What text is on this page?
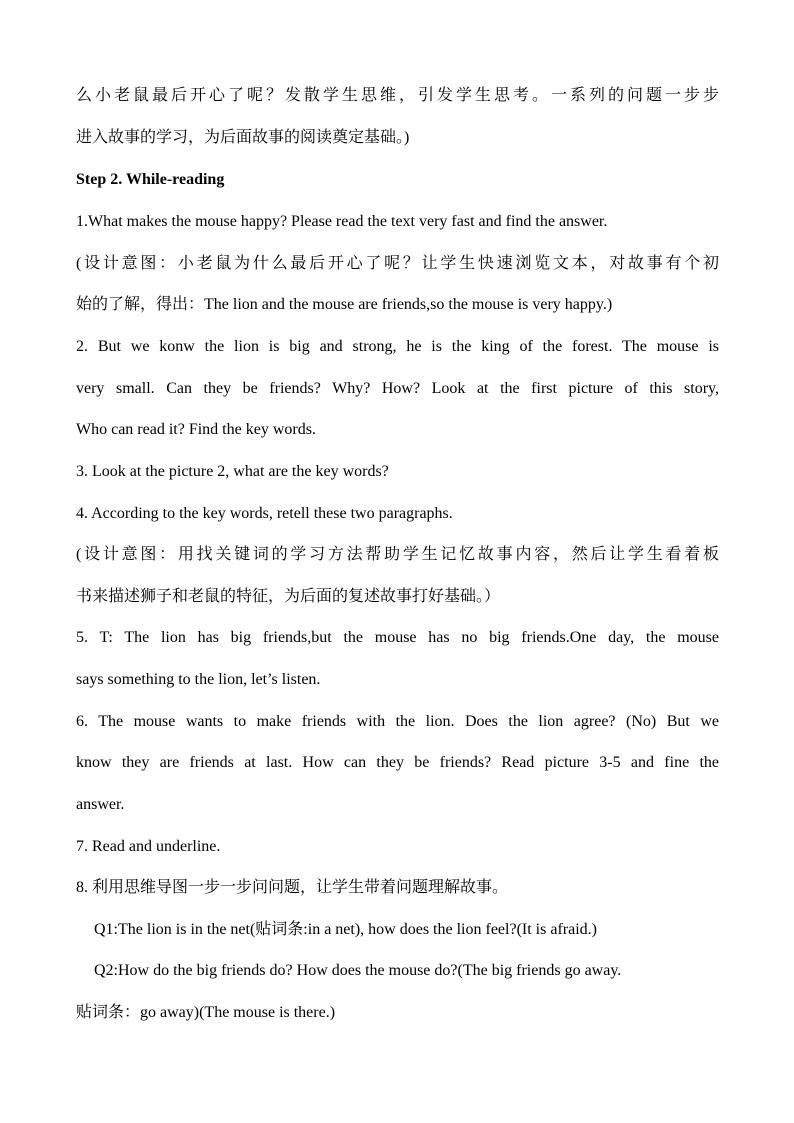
么小老鼠最后开心了呢？发散学生思维，引发学生思考。一系列的问题一步步
进入故事的学习，为后面故事的阅读奠定基础。)
Step 2. While-reading
1.What makes the mouse happy? Please read the text very fast and find the answer.
(设计意图：小老鼠为什么最后开心了呢？让学生快速浏览文本，对故事有个初
始的了解，得出：The lion and the mouse are friends,so the mouse is very happy.)
2. But we konw the lion is big and strong, he is the king of the forest. The mouse is
very small. Can they be friends? Why? How? Look at the first picture of this story,
Who can read it? Find the key words.
3. Look at the picture 2, what are the key words?
4. According to the key words, retell these two paragraphs.
(设计意图：用找关键词的学习方法帮助学生记忆故事内容，然后让学生看着板
书来描述狮子和老鼠的特征，为后面的复述故事打好基础。）
5. T: The lion has big friends,but the mouse has no big friends.One day, the mouse
says something to the lion, let’s listen.
6. The mouse wants to make friends with the lion. Does the lion agree? (No) But we
know they are friends at last. How can they be friends? Read picture 3-5 and fine the
answer.
7. Read and underline.
8. 利用思维导图一步一步问问题，让学生带着问题理解故事。
Q1:The lion is in the net(贴词条:in a net), how does the lion feel?(It is afraid.)
Q2:How do the big friends do? How does the mouse do?(The big friends go away.
贴词条：go away)(The mouse is there.)
